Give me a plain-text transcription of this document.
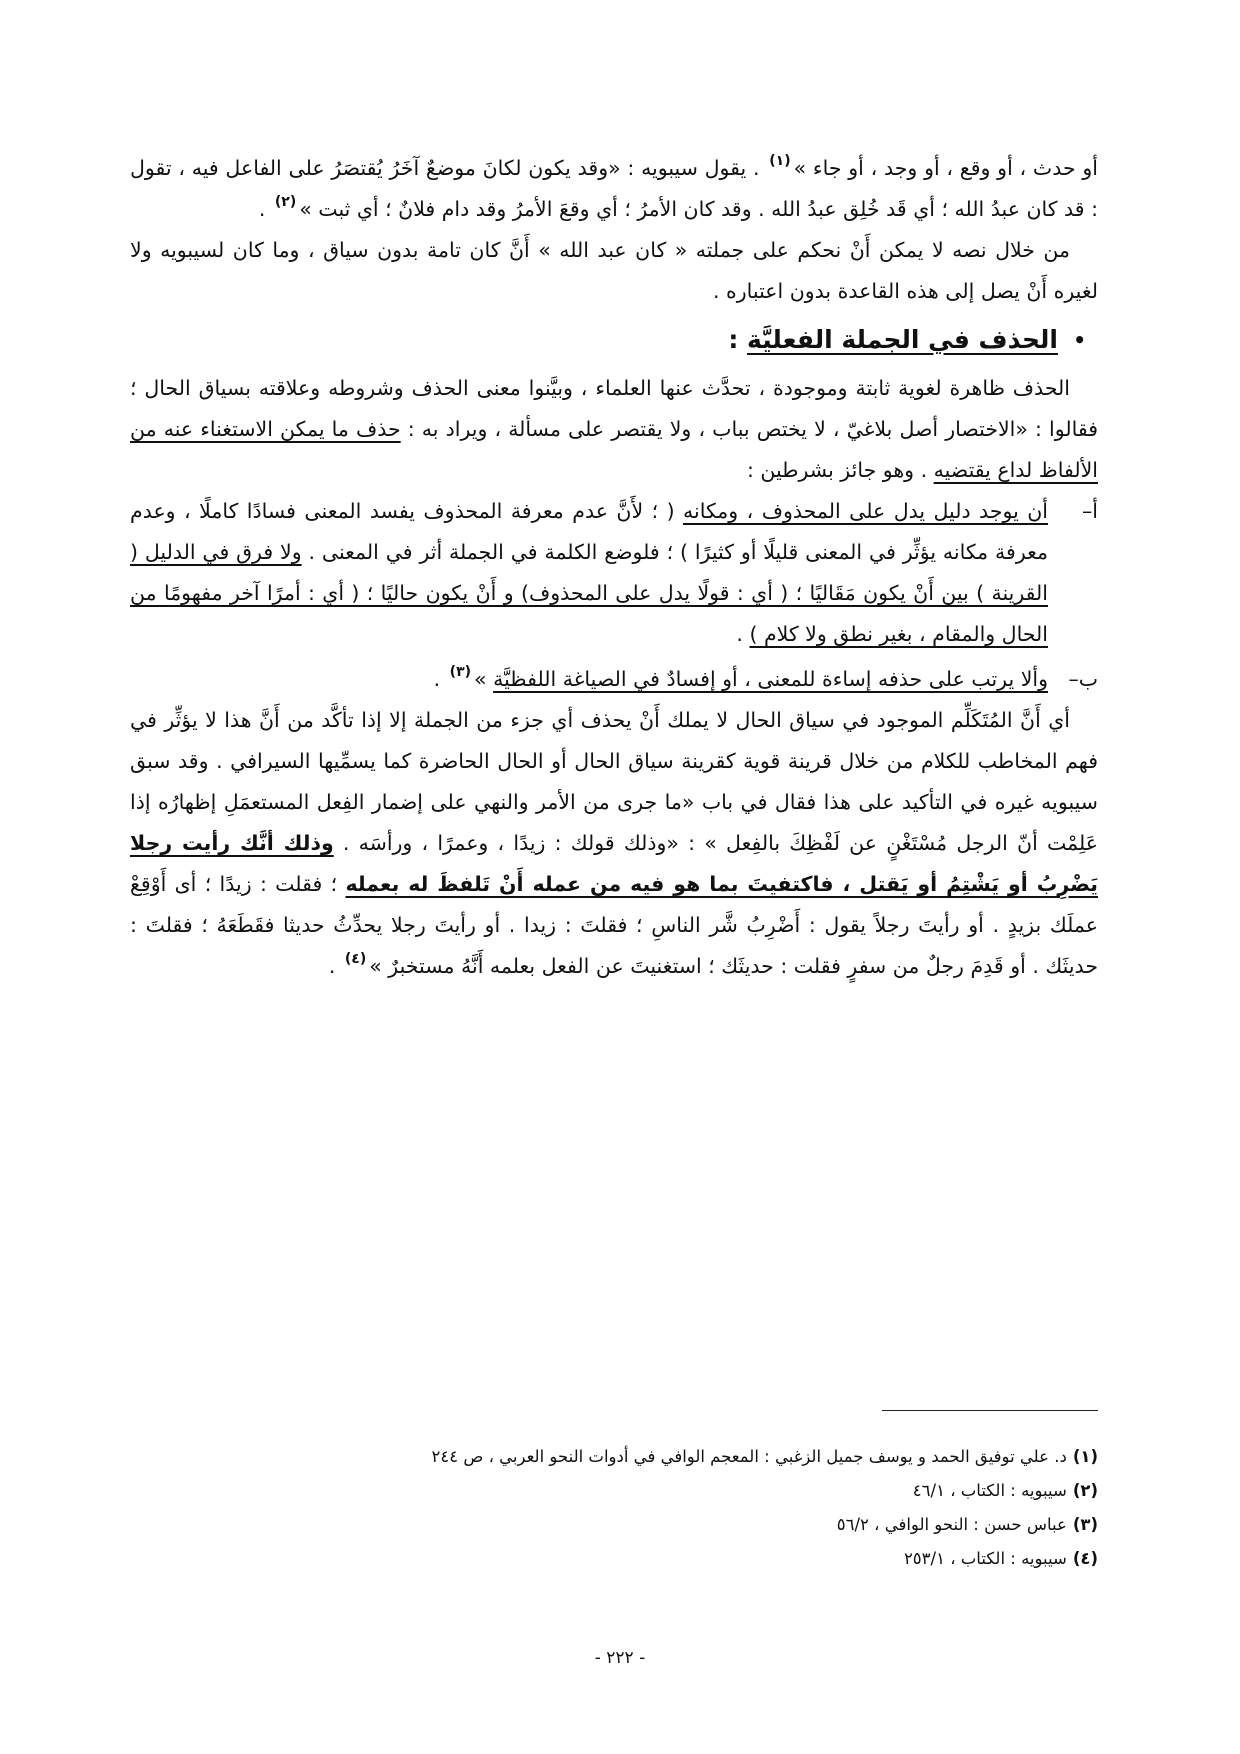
أو حدث ، أو وقع ، أو وجد ، أو جاء »$^{(١)}$ . يقول سيبويه : «وقد يكون لكانَ موضعٌ آخَرُ يُقتصَرُ على الفاعل فيه ، تقول : قد كان عبدُ الله ؛ أي قَد خُلِق عبدُ الله . وقد كان الأمرُ ؛ أي وقعَ الأمرُ وقد دام فلانٌ ؛ أي ثبت »$^{(٢)}$ .

من خلال نصه لا يمكن أَنْ نحكم على جملته « كان عبد الله » أَنَّ كان تامة بدون سياق ، وما كان لسيبويه ولا لغيره أَنْ يصل إلى هذه القاعدة بدون اعتباره .

•
الحذف في الجملة الفعليَّة :

الحذف ظاهرة لغوية ثابتة وموجودة ، تحدَّث عنها العلماء ، وبيَّنوا معنى الحذف وشروطه وعلاقته بسياق الحال ؛ فقالوا : «الاختصار أصل بلاغيّ ، لا يختص بباب ، ولا يقتصر على مسألة ، ويراد به : حذف ما يمكن الاستغناء عنه من الألفاظ لداع يقتضيه . وهو جائز بشرطين :

أ–
أن يوجد دليل يدل على المحذوف ، ومكانه ( ؛ لأَنَّ عدم معرفة المحذوف يفسد المعنى فسادًا كاملًا ، وعدم معرفة مكانه يؤثِّر في المعنى قليلًا أو كثيرًا ) ؛ فلوضع الكلمة في الجملة أثر في المعنى . ولا فرق في الدليل ( القرينة ) بين أَنْ يكون مَقَاليًا ؛ ( أي : قولًا يدل على المحذوف) و أَنْ يكون حاليًا ؛ ( أي : أمرًا آخر مفهومًا من الحال والمقام ، بغير نطق ولا كلام ) .
ب–
وألا يرتب على حذفه إساءة للمعنى ، أو إفسادٌ في الصياغة اللفظيَّة »$^{(٣)}$ .

أي أَنَّ المُتَكَلِّم الموجود في سياق الحال لا يملك أَنْ يحذف أي جزء من الجملة إلا إذا تأكَّد من أَنَّ هذا لا يؤثِّر في فهم المخاطب للكلام من خلال قرينة قوية كقرينة سياق الحال أو الحال الحاضرة كما يسمِّيها السيرافي . وقد سبق سيبويه غيره في التأكيد على هذا فقال في باب «ما جرى من الأمر والنهي على إضمار الفِعل المستعمَلِ إظهارُه إذا عَلِمْت أنّ الرجل مُسْتَغْنٍ عن لَفْظِكَ بالفِعل » : «وذلك قولك : زيدًا ، وعمرًا ، ورأسَه . وذلك أنَّك رأيت رجلا يَضْرِبُ أو يَشْتِمُ أو يَقتل ، فاكتفيتَ بما هو فيه من عمله أَنْ تَلفظَ له بعمله ؛ فقلت : زيدًا ؛ أى أَوْقِعْ عملَك بزيدٍ . أو رأيتَ رجلاً يقول : أَضْرِبُ شَّر الناسِ ؛ فقلتَ : زيدا . أو رأيتَ رجلا يحدِّثُ حديثا فقَطَعَهُ ؛ فقلتَ : حديثَك . أو قَدِمَ رجلٌ من سفرٍ فقلت : حديثَك ؛ استغنيتَ عن الفعل بعلمه أَنَّهُ مستخبرٌ »$^{(٤)}$ .

(١)د. علي توفيق الحمد و يوسف جميل الزغبي : المعجم الوافي في أدوات النحو العربي ، ص ٢٤٤
(٢)سيبويه : الكتاب ، ٤٦/١
(٣)عباس حسن : النحو الوافي ، ٥٦/٢
(٤)سيبويه : الكتاب ، ٢٥٣/١
- ٢٢٢ -
